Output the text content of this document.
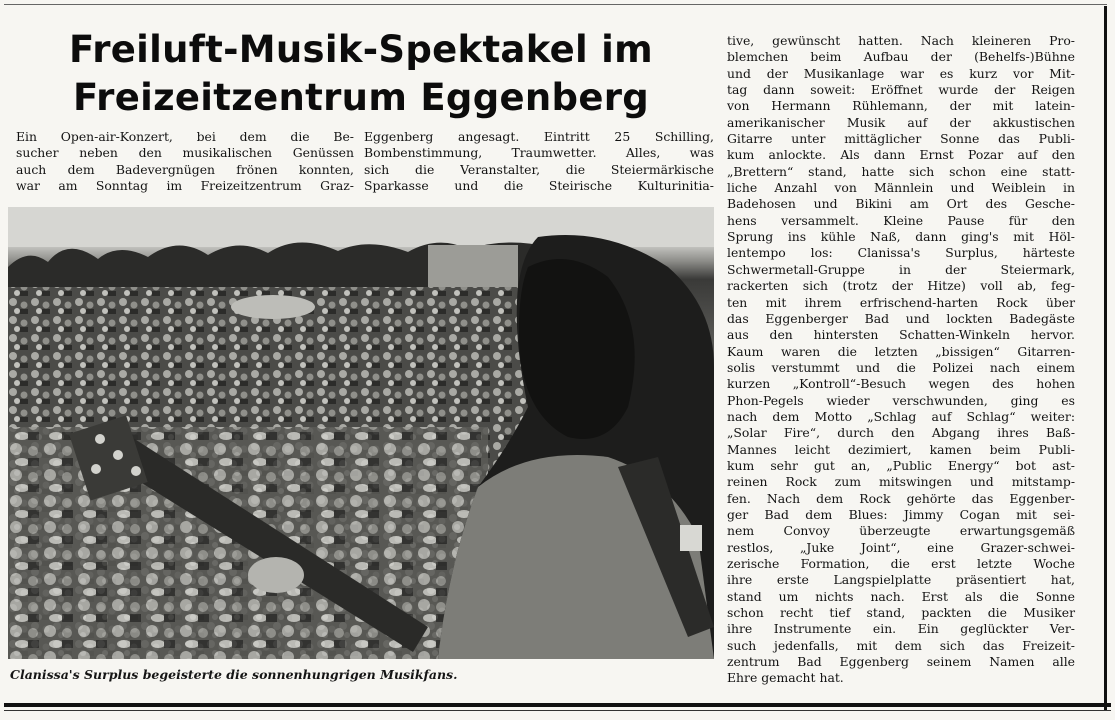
Freiluft-Musik-Spektakel im
Freizeitzentrum Eggenberg
Ein Open-air-Konzert, bei dem die Be-
sucher neben den musikalischen Genüssen
auch dem Badevergnügen frönen konnten,
war am Sonntag im Freizeitzentrum Graz-
Eggenberg angesagt. Eintritt 25 Schilling,
Bombenstimmung, Traumwetter. Alles, was
sich die Veranstalter, die Steiermärkische
Sparkasse und die Steirische Kulturinitia-
tive, gewünscht hatten. Nach kleineren Pro-
blemchen beim Aufbau der (Behelfs-)Bühne
und der Musikanlage war es kurz vor Mit-
tag dann soweit: Eröffnet wurde der Reigen
von Hermann Rühlemann, der mit latein-
amerikanischer Musik auf der akkustischen
Gitarre unter mittäglicher Sonne das Publi-
kum anlockte. Als dann Ernst Pozar auf den
„Brettern“ stand, hatte sich schon eine statt-
liche Anzahl von Männlein und Weiblein in
Badehosen und Bikini am Ort des Gesche-
hens versammelt. Kleine Pause für den
Sprung ins kühle Naß, dann ging's mit Höl-
lentempo los: Clanissa's Surplus, härteste
Schwermetall-Gruppe in der Steiermark,
rackerten sich (trotz der Hitze) voll ab, feg-
ten mit ihrem erfrischend-harten Rock über
das Eggenberger Bad und lockten Badegäste
aus den hintersten Schatten-Winkeln hervor.
Kaum waren die letzten „bissigen“ Gitarren-
solis verstummt und die Polizei nach einem
kurzen „Kontroll“-Besuch wegen des hohen
Phon-Pegels wieder verschwunden, ging es
nach dem Motto „Schlag auf Schlag“ weiter:
„Solar Fire“, durch den Abgang ihres Baß-
Mannes leicht dezimiert, kamen beim Publi-
kum sehr gut an, „Public Energy“ bot ast-
reinen Rock zum mitswingen und mitstamp-
fen. Nach dem Rock gehörte das Eggenber-
ger Bad dem Blues: Jimmy Cogan mit sei-
nem Convoy überzeugte erwartungsgemäß
restlos, „Juke Joint“, eine Grazer-schwei-
zerische Formation, die erst letzte Woche
ihre erste Langspielplatte präsentiert hat,
stand um nichts nach. Erst als die Sonne
schon recht tief stand, packten die Musiker
ihre Instrumente ein. Ein geglückter Ver-
such jedenfalls, mit dem sich das Freizeit-
zentrum Bad Eggenberg seinem Namen alle
Ehre gemacht hat.
Clanissa's Surplus begeisterte die sonnenhungrigen Musikfans.
